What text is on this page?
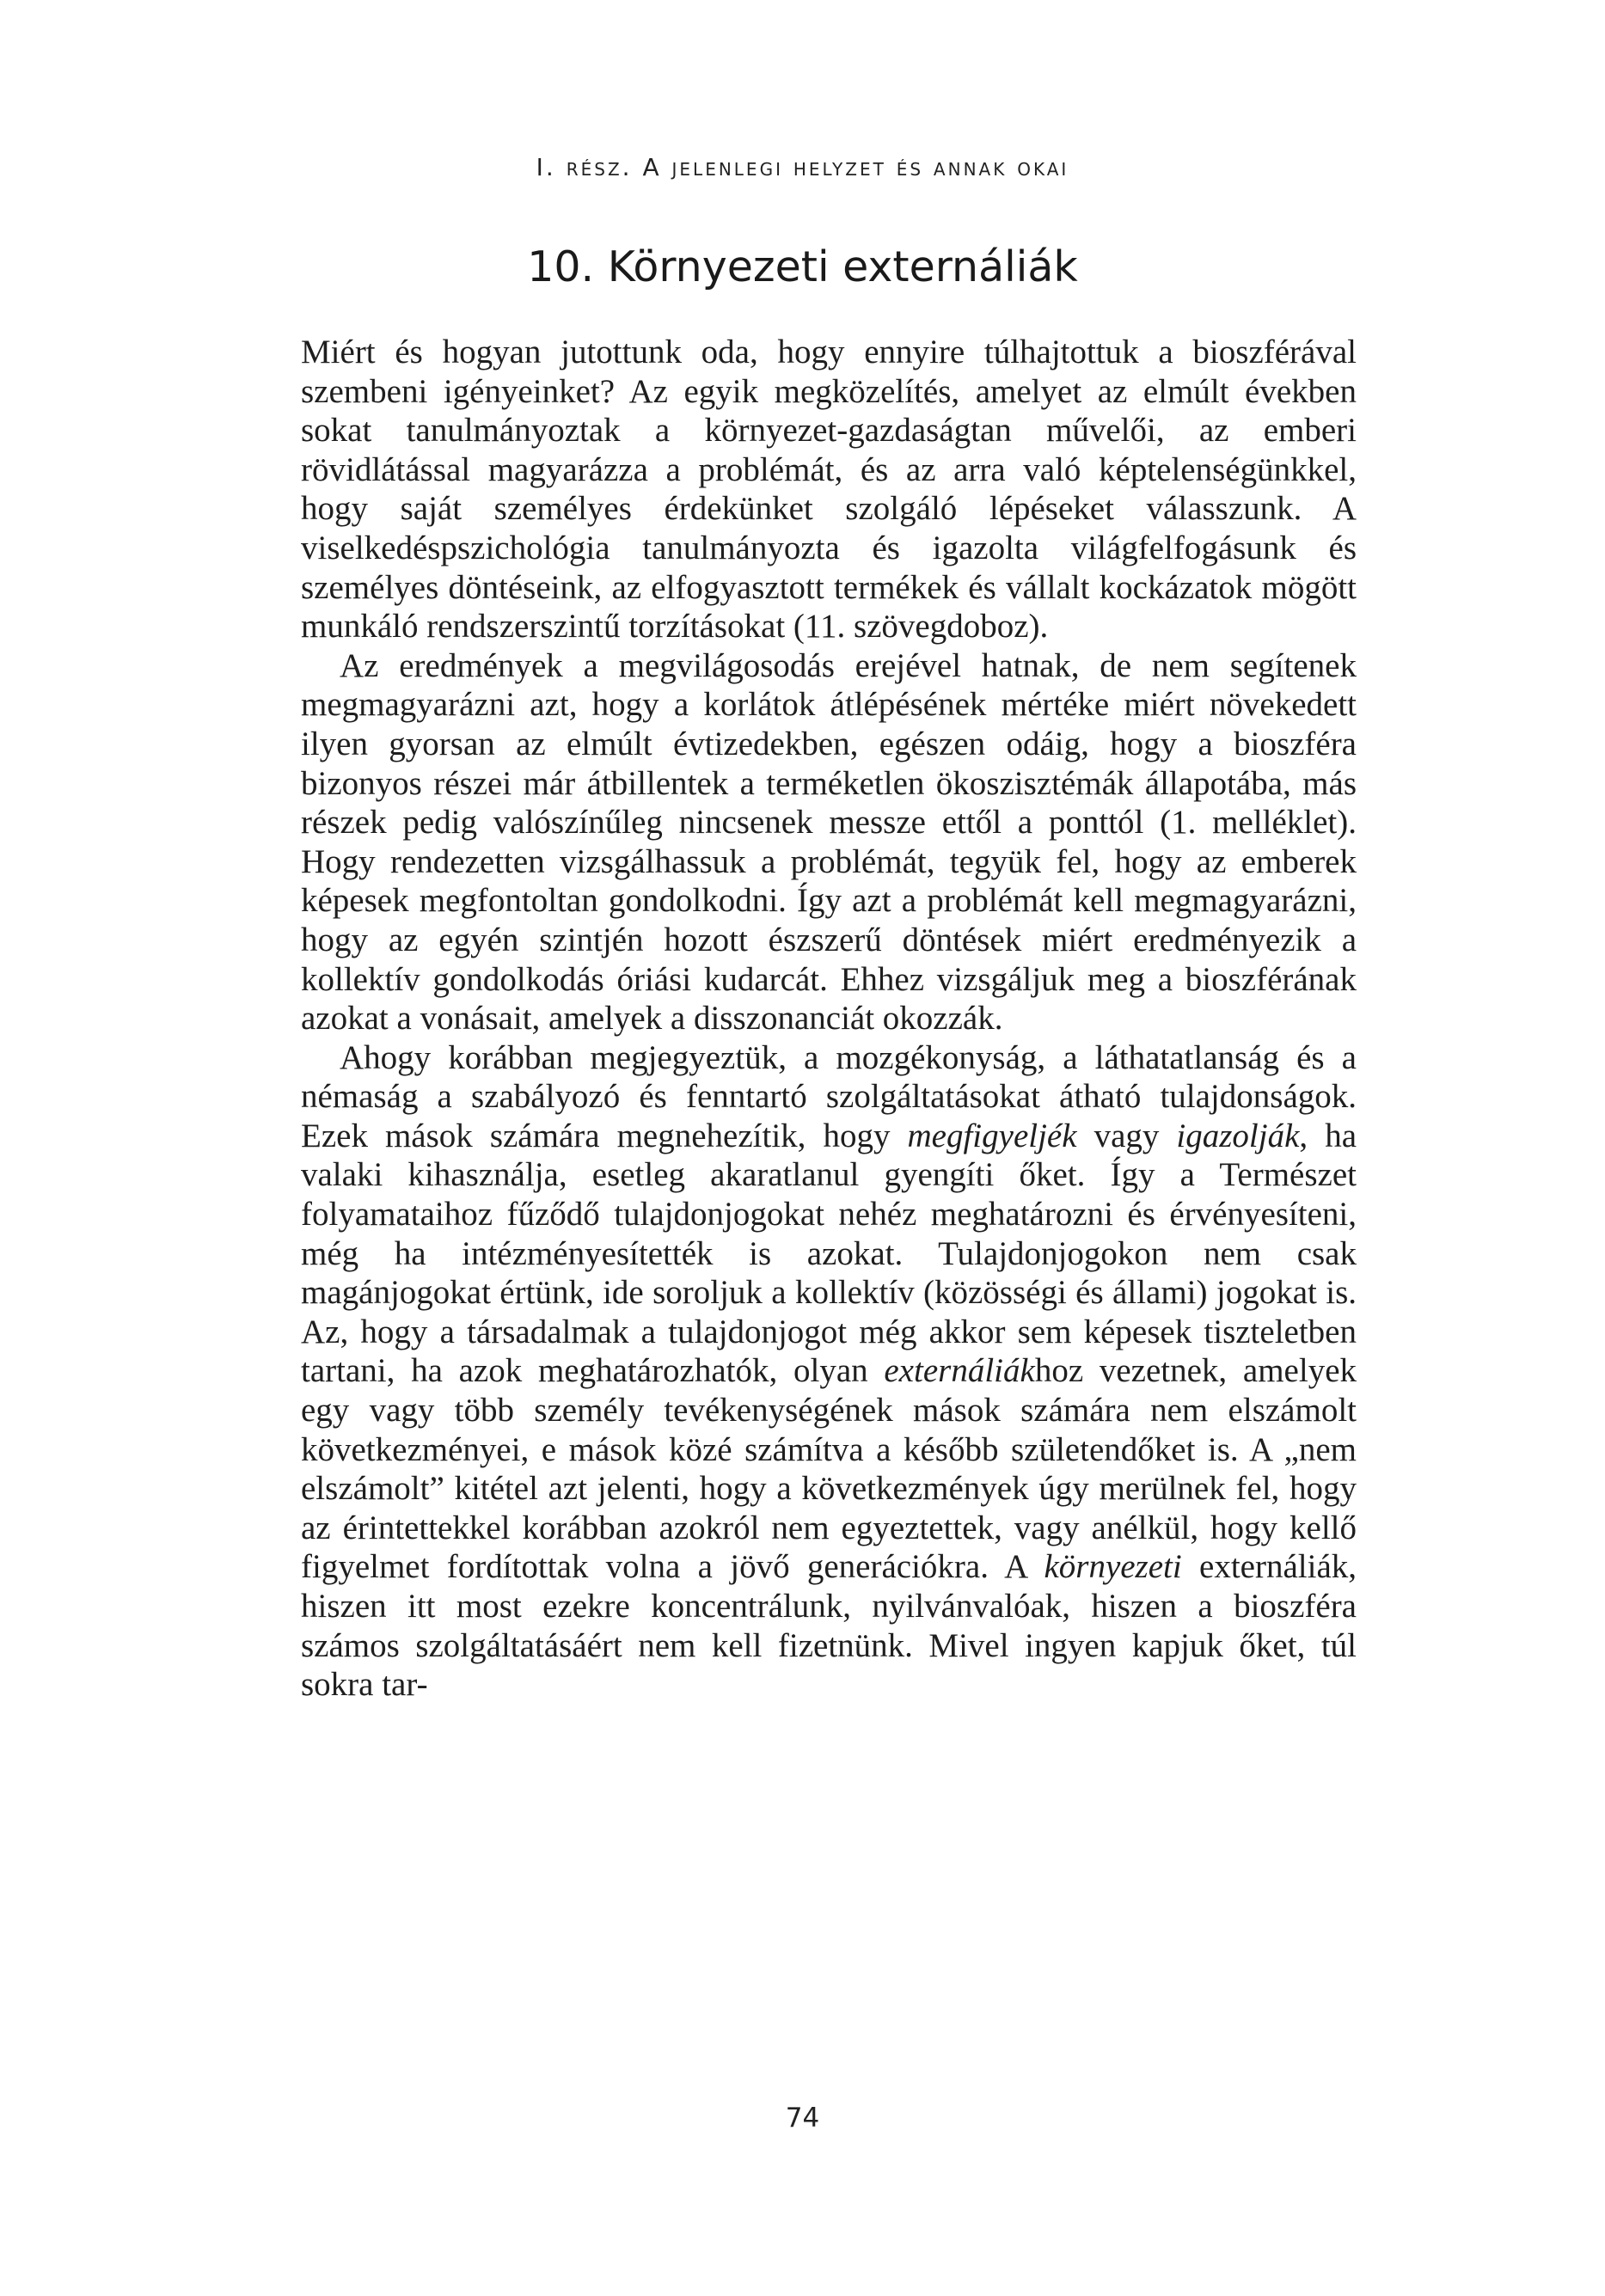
I. rész. A jelenlegi helyzet és annak okai
10. Környezeti externáliák

Miért és hogyan jutottunk oda, hogy ennyire túlhajtottuk a bioszférával szembeni igényeinket? Az egyik megközelítés, amelyet az elmúlt években sokat tanulmányoztak a környezet-gazdaságtan művelői, az emberi rövidlátással magyarázza a problémát, és az arra való képtelenségünkkel, hogy saját személyes érdekünket szolgáló lépéseket válasszunk. A viselkedéspszichológia tanulmányozta és igazolta világfelfogásunk és személyes döntéseink, az elfogyasztott termékek és vállalt kockázatok mögött munkáló rendszerszintű torzításokat (11. szövegdoboz).

Az eredmények a megvilágosodás erejével hatnak, de nem segítenek megmagyarázni azt, hogy a korlátok átlépésének mértéke miért növekedett ilyen gyorsan az elmúlt évtizedekben, egészen odáig, hogy a bioszféra bizonyos részei már átbillentek a terméketlen ökoszisztémák állapotába, más részek pedig valószínűleg nincsenek messze ettől a ponttól (1. melléklet). Hogy rendezetten vizsgálhassuk a problémát, tegyük fel, hogy az emberek képesek megfontoltan gondolkodni. Így azt a problémát kell megmagyarázni, hogy az egyén szintjén hozott észszerű döntések miért eredményezik a kollektív gondolkodás óriási kudarcát. Ehhez vizsgáljuk meg a bioszférának azokat a vonásait, amelyek a disszonanciát okozzák.

Ahogy korábban megjegyeztük, a mozgékonyság, a láthatatlanság és a némaság a szabályozó és fenntartó szolgáltatásokat átható tulajdonságok. Ezek mások számára megnehezítik, hogy megfigyeljék vagy igazolják, ha valaki kihasználja, esetleg akaratlanul gyengíti őket. Így a Természet folyamataihoz fűződő tulajdonjogokat nehéz meghatározni és érvényesíteni, még ha intézményesítették is azokat. Tulajdonjogokon nem csak magánjogokat értünk, ide soroljuk a kollektív (közösségi és állami) jogokat is. Az, hogy a társadalmak a tulajdonjogot még akkor sem képesek tiszteletben tartani, ha azok meghatározhatók, olyan externáliákhoz vezetnek, amelyek egy vagy több személy tevékenységének mások számára nem elszámolt következményei, e mások közé számítva a később születendőket is. A „nem elszámolt” kitétel azt jelenti, hogy a következmények úgy merülnek fel, hogy az érintettekkel korábban azokról nem egyeztettek, vagy anélkül, hogy kellő figyelmet fordítottak volna a jövő generációkra. A környezeti externáliák, hiszen itt most ezekre koncentrálunk, nyilvánvalóak, hiszen a bioszféra számos szolgáltatásáért nem kell fizetnünk. Mivel ingyen kapjuk őket, túl sokra tar-

74
